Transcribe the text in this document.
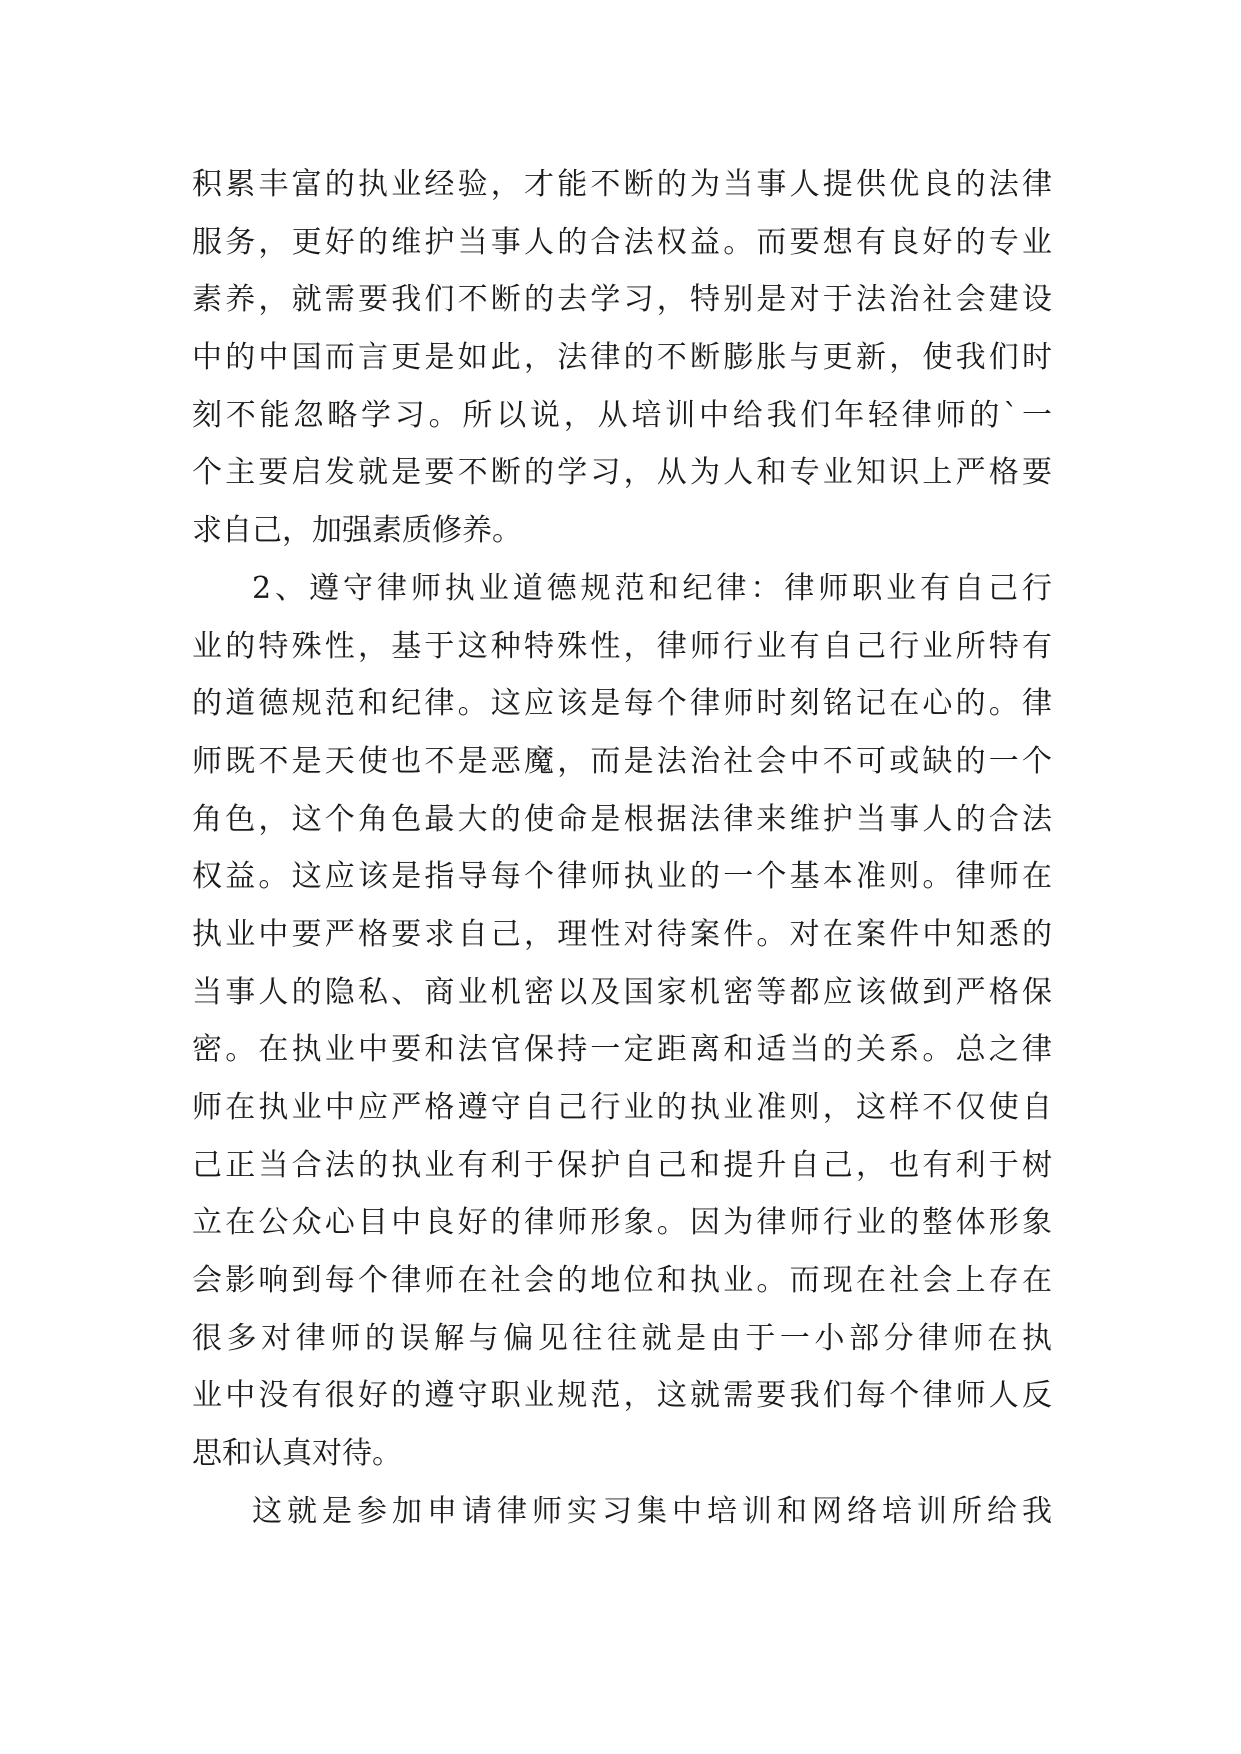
积累丰富的执业经验，才能不断的为当事人提供优良的法律
服务，更好的维护当事人的合法权益。而要想有良好的专业
素养，就需要我们不断的去学习，特别是对于法治社会建设
中的中国而言更是如此，法律的不断膨胀与更新，使我们时
刻不能忽略学习。所以说，从培训中给我们年轻律师的`一
个主要启发就是要不断的学习，从为人和专业知识上严格要
求自己，加强素质修养。
2、遵守律师执业道德规范和纪律：律师职业有自己行
业的特殊性，基于这种特殊性，律师行业有自己行业所特有
的道德规范和纪律。这应该是每个律师时刻铭记在心的。律
师既不是天使也不是恶魔，而是法治社会中不可或缺的一个
角色，这个角色最大的使命是根据法律来维护当事人的合法
权益。这应该是指导每个律师执业的一个基本准则。律师在
执业中要严格要求自己，理性对待案件。对在案件中知悉的
当事人的隐私、商业机密以及国家机密等都应该做到严格保
密。在执业中要和法官保持一定距离和适当的关系。总之律
师在执业中应严格遵守自己行业的执业准则，这样不仅使自
己正当合法的执业有利于保护自己和提升自己，也有利于树
立在公众心目中良好的律师形象。因为律师行业的整体形象
会影响到每个律师在社会的地位和执业。而现在社会上存在
很多对律师的误解与偏见往往就是由于一小部分律师在执
业中没有很好的遵守职业规范，这就需要我们每个律师人反
思和认真对待。
这就是参加申请律师实习集中培训和网络培训所给我
